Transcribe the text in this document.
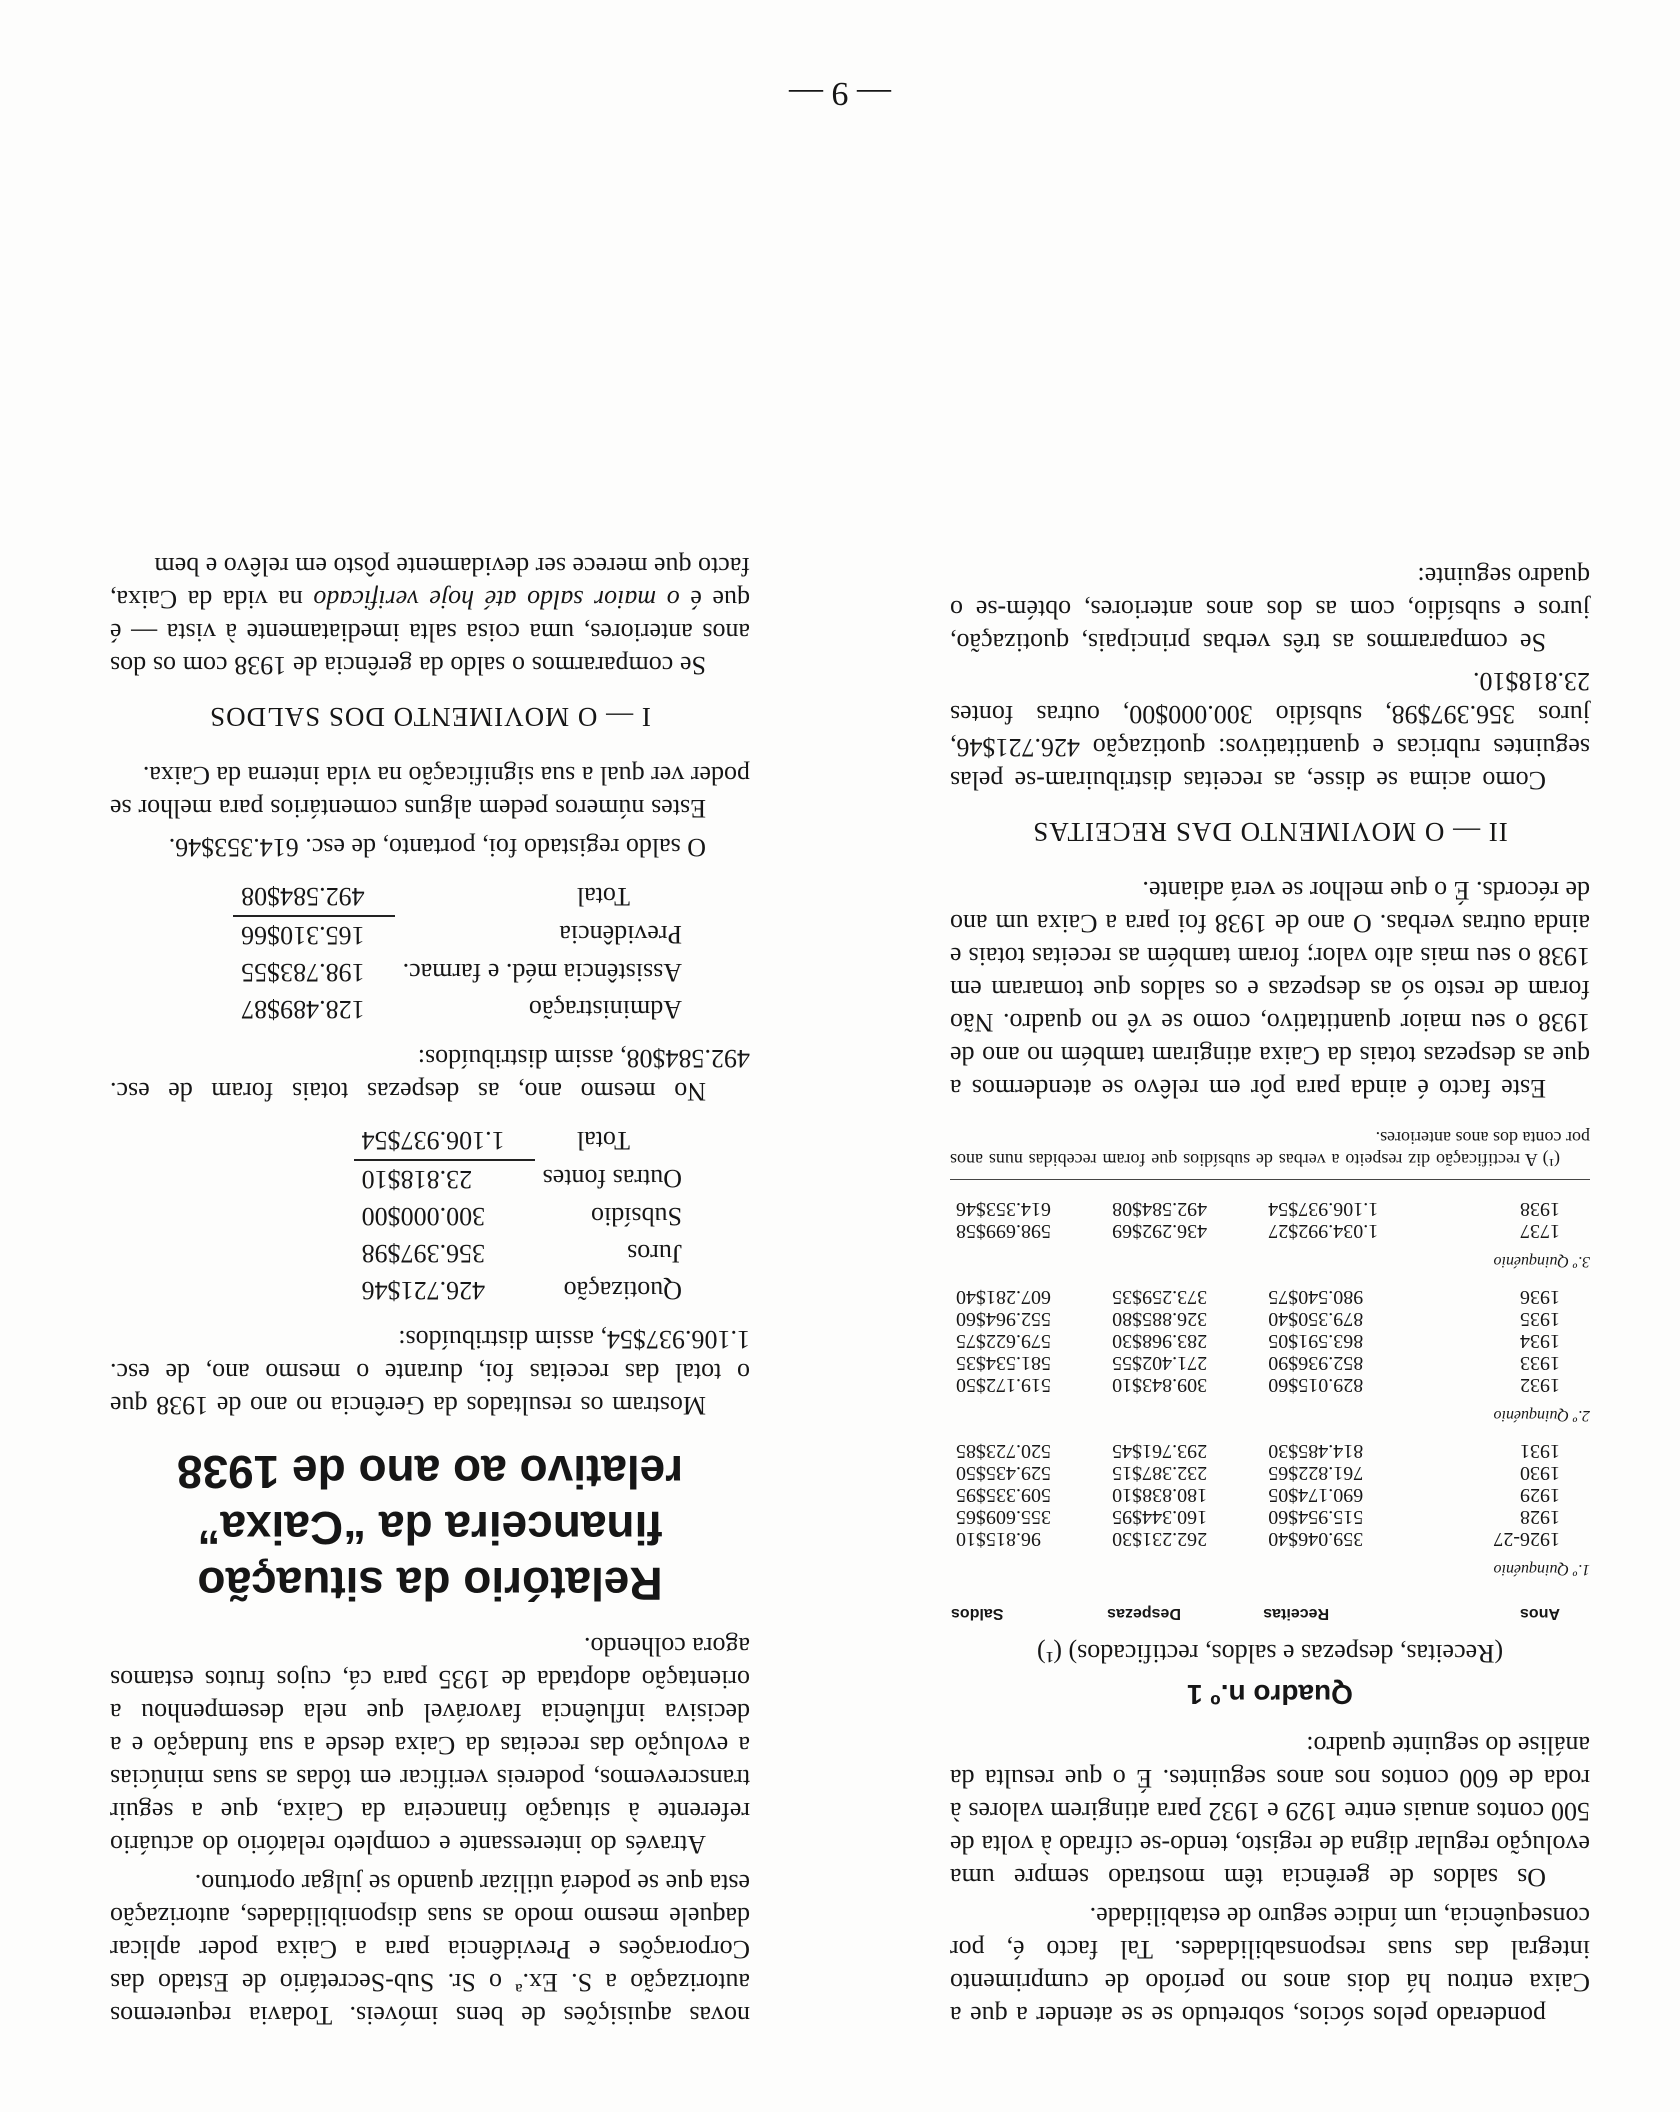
— 9 —

ponderado pelos sócios, sobretudo se se atender a que a Caixa entrou há dois anos no período de cumprimento integral das suas responsabilidades. Tal facto é, por consequência, um índice seguro de estabilidade.

Os saldos de gerência têm mostrado sempre uma evolução regular digna de registo, tendo-se cifrado à volta de 500 contos anuais entre 1929 e 1932 para atingirem valores à roda de 600 contos nos anos seguintes. É o que resulta da análise do seguinte quadro:

Quadro n.º 1
(Receitas, despezas e saldos, rectificados) (¹)
Anos	Receitas	Despezas	Saldos
1.º Quinquénio			
1926-27	359.046$40	262.231$30	96.815$10
1928	515.954$60	160.344$95	355.609$65
1929	690.174$05	180.838$10	509.335$95
1930	761.822$65	232.387$15	529.435$50
1931	814.485$30	293.761$45	520.723$85
2.º Quinquénio			
1932	829.015$60	309.843$10	519.172$50
1933	852.936$90	271.402$55	581.534$35
1934	863.591$05	283.968$30	579.622$75
1935	879.350$40	326.885$80	552.964$60
1936	980.540$75	373.259$35	607.281$40
3.º Quinquénio			
1737	1.034.992$27	436.292$69	598.699$58
1938	1.106.937$54	492.584$08	614.353$46
(¹) A rectificação diz respeito a verbas de subsídios que foram recebidas nuns anos por conta dos anos anteriores.

Este facto é ainda para pôr em relêvo se atendermos a que as despezas totais da Caixa atingiram também no ano de 1938 o seu maior quantitativo, como se vê no quadro. Não foram de resto só as despezas e os saldos que tomaram em 1938 o seu mais alto valor; foram também as receitas totais e ainda outras verbas. O ano de 1938 foi para a Caixa um ano de récords. É o que melhor se verá adiante.

II — O MOVIMENTO DAS RECEITAS

Como acima se disse, as receitas distribuiram-se pelas seguintes rubricas e quantitativos: quotização 426.721$46, juros 356.397$98, subsídio 300.000$00, outras fontes 23.818$10.

Se compararmos as três verbas principais, quotização, juros e subsídio, com as dos anos anteriores, obtém-se o quadro seguinte:

novas aquisições de bens imóveis. Todavia requeremos autorização a S. Ex.ª o Sr. Sub-Secretário de Estado das Corporações e Previdência para a Caixa poder aplicar daquele mesmo modo as suas disponibilidades, autorização esta que se poderá utilizar quando se julgar oportuno.

Através do interessante e completo relatório do actuário referente à situação financeira da Caixa, que a seguir transcrevemos, podereis verificar em tôdas as suas minúcias a evolução das receitas da Caixa desde a sua fundação e a decisiva influência favorável que nela desempenhou a orientação adoptada de 1935 para cá, cujos frutos estamos agora colhendo.

Relatório da situação financeira da “Caixa” relativo ao ano de 1938

Mostram os resultados da Gerência no ano de 1938 que o total das receitas foi, durante o mesmo ano, de esc. 1.106.937$54, assim distribuídos:

Quotização	426.721$46
Juros	356.397$98
Subsídio	300.000$00
Outras fontes	23.818$10
Total	1.106.937$54

No mesmo ano, as despezas totais foram de esc. 492.584$08, assim distribuídos:

Administração	128.489$87
Assistência méd. e farmac.	198.783$55
Previdência	165.310$66
Total	492.584$08

O saldo registado foi, portanto, de esc. 614.353$46.

Estes números pedem alguns comentários para melhor se poder ver qual a sua significação na vida interna da Caixa.

I — O MOVIMENTO DOS SALDOS

Se compararmos o saldo da gerência de 1938 com os dos anos anteriores, uma coisa salta imediatamente à vista — é que é o maior saldo até hoje verificado na vida da Caixa, facto que merece ser devidamente pôsto em relêvo e bem
